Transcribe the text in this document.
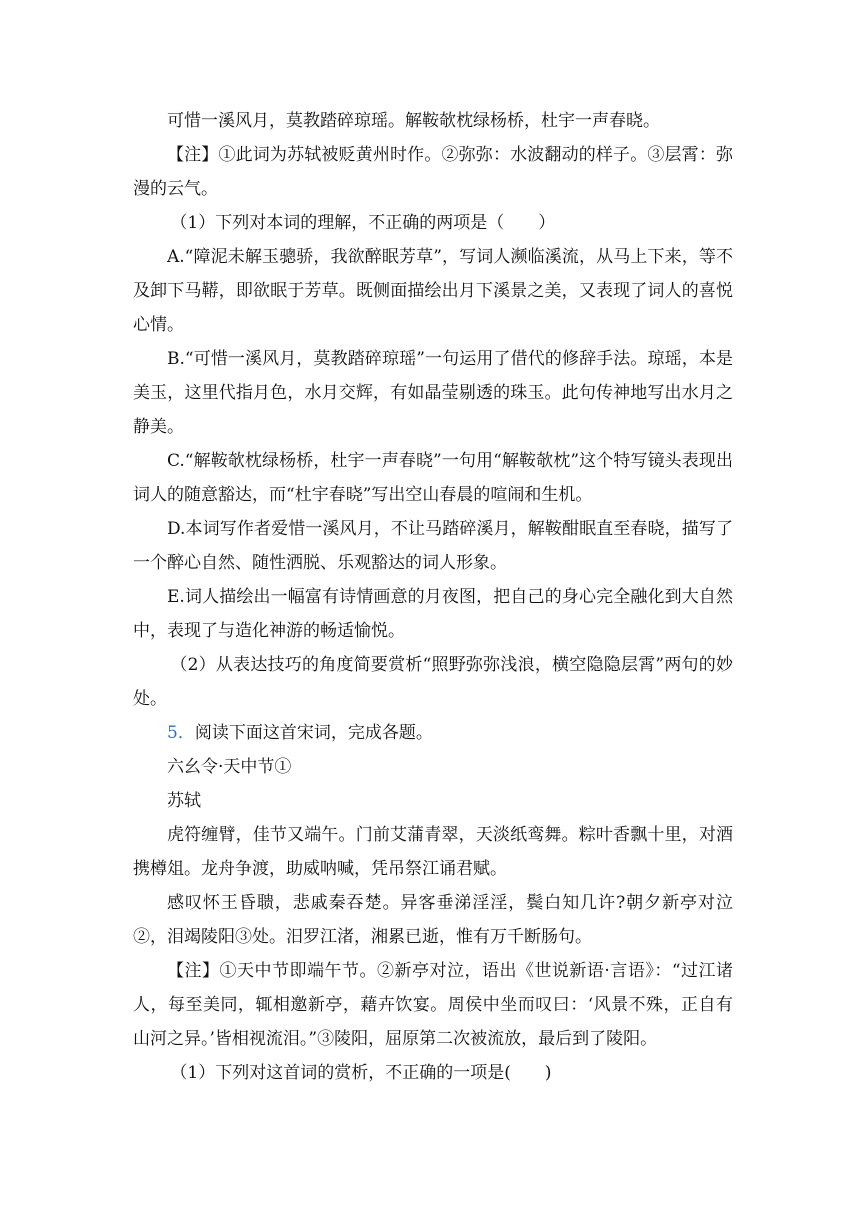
可惜一溪风月，莫教踏碎琼瑶。解鞍欹枕绿杨桥，杜宇一声春晓。

【注】①此词为苏轼被贬黄州时作。②弥弥：水波翻动的样子。③层霄：弥漫的云气。

（1）下列对本词的理解，不正确的两项是（　　）

A.“障泥未解玉骢骄，我欲醉眠芳草”，写词人濒临溪流，从马上下来，等不及卸下马鞯，即欲眠于芳草。既侧面描绘出月下溪景之美，又表现了词人的喜悦心情。

B.“可惜一溪风月，莫教踏碎琼瑶”一句运用了借代的修辞手法。琼瑶，本是美玉，这里代指月色，水月交辉，有如晶莹剔透的珠玉。此句传神地写出水月之静美。

C.“解鞍欹枕绿杨桥，杜宇一声春晓”一句用“解鞍欹枕”这个特写镜头表现出词人的随意豁达，而“杜宇春晓”写出空山春晨的喧闹和生机。

D.本词写作者爱惜一溪风月，不让马踏碎溪月，解鞍酣眠直至春晓，描写了一个醉心自然、随性洒脱、乐观豁达的词人形象。

E.词人描绘出一幅富有诗情画意的月夜图，把自己的身心完全融化到大自然中，表现了与造化神游的畅适愉悦。

（2）从表达技巧的角度简要赏析“照野弥弥浅浪，横空隐隐层霄”两句的妙处。

5．阅读下面这首宋词，完成各题。

六幺令·天中节①

苏轼

虎符缠臂，佳节又端午。门前艾蒲青翠，天淡纸鸾舞。粽叶香飘十里，对酒携樽俎。龙舟争渡，助威呐喊，凭吊祭江诵君赋。

感叹怀王昏聩，悲戚秦吞楚。异客垂涕淫淫，鬓白知几许?朝夕新亭对泣②，泪竭陵阳③处。汨罗江渚，湘累已逝，惟有万千断肠句。

【注】①天中节即端午节。②新亭对泣，语出《世说新语·言语》：“过江诸人，每至美同，辄相邀新亭，藉卉饮宴。周侯中坐而叹曰：‘风景不殊，正自有山河之异。’皆相视流泪。”③陵阳，屈原第二次被流放，最后到了陵阳。

（1）下列对这首词的赏析，不正确的一项是(　　)
